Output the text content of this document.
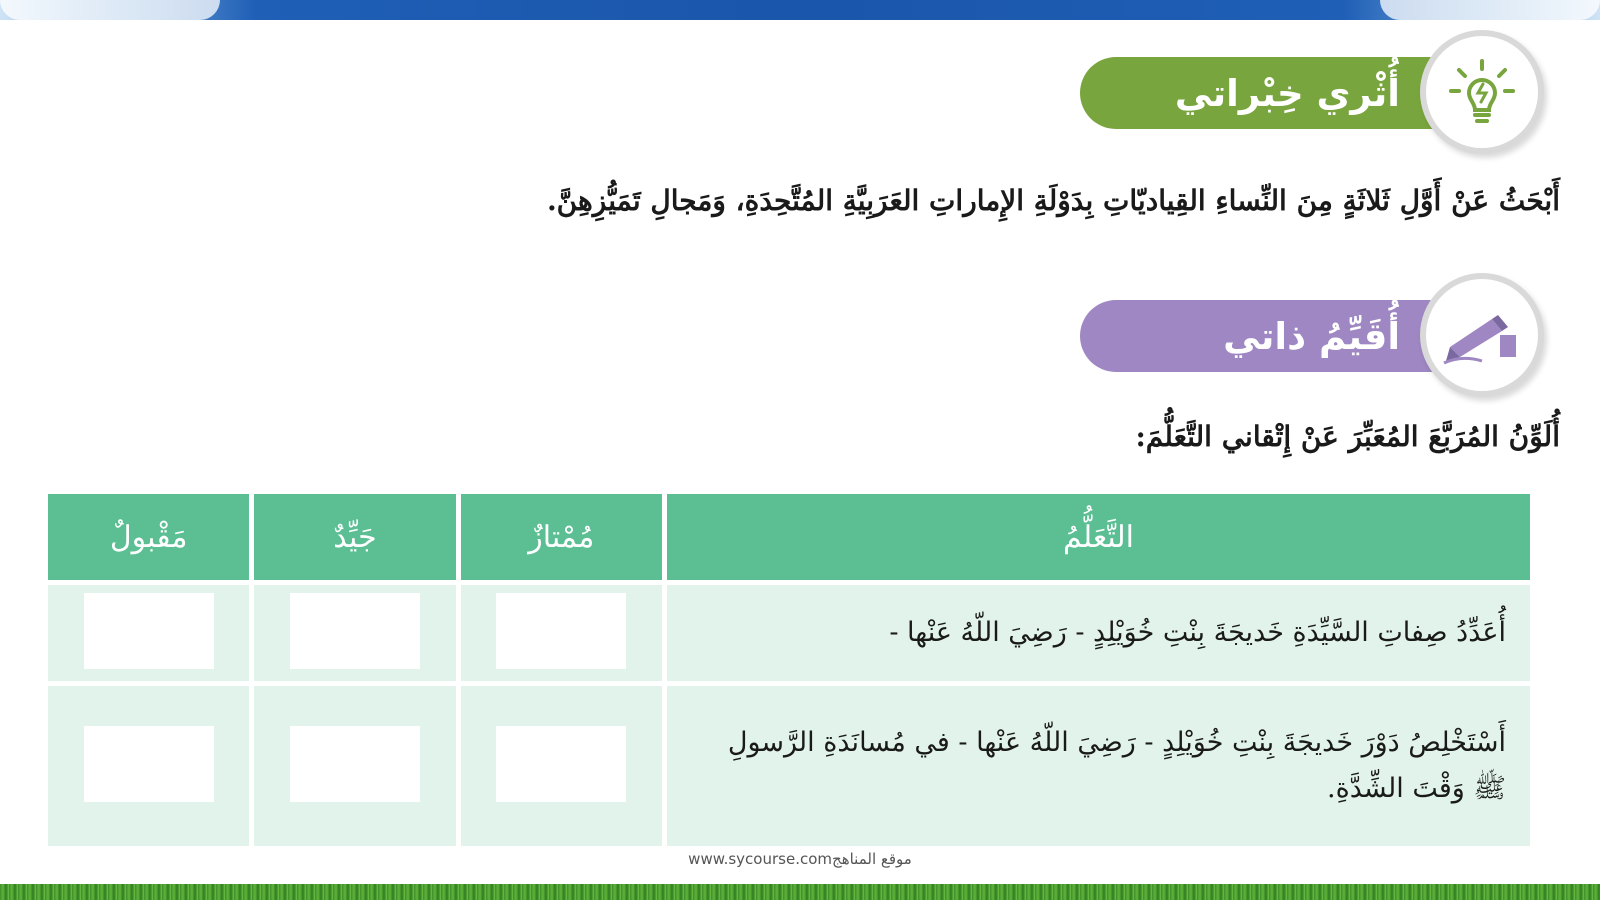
أُثْري خِبْراتي
أَبْحَثُ عَنْ أَوَّلِ ثَلاثَةٍ مِنَ النِّساءِ القِياديّاتِ بِدَوْلَةِ الإِماراتِ العَرَبِيَّةِ المُتَّحِدَةِ، وَمَجالِ تَمَيُّزِهِنَّ.
أُقَيِّمُ ذاتي
أُلَوِّنُ المُرَبَّعَ المُعَبِّرَ عَنْ إِتْقاني التَّعَلُّمَ:
التَّعَلُّمُ	مُمْتازٌ	جَيِّدٌ	مَقْبولٌ
أُعَدِّدُ صِفاتِ السَّيِّدَةِ خَديجَةَ بِنْتِ خُوَيْلِدٍ - رَضِيَ اللّهُ عَنْها -			
أَسْتَخْلِصُ دَوْرَ خَديجَةَ بِنْتِ خُوَيْلِدٍ - رَضِيَ اللّهُ عَنْها - في مُسانَدَةِ الرَّسولِ ﷺ وَقْتَ الشِّدَّةِ.			
www.sycourse.comموقع المناهج
